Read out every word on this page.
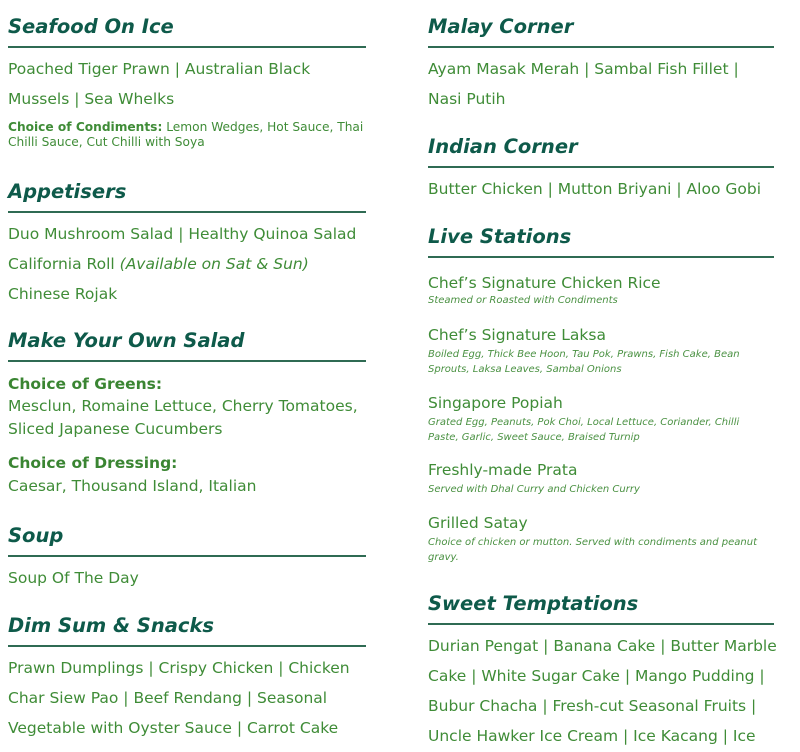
Seafood On Ice
Poached Tiger Prawn | Australian Black
Mussels | Sea Whelks
Choice of Condiments: Lemon Wedges, Hot Sauce, Thai
Chilli Sauce, Cut Chilli with Soya
Appetisers
Duo Mushroom Salad | Healthy Quinoa Salad
California Roll (Available on Sat & Sun)
Chinese Rojak
Make Your Own Salad
Choice of Greens:
Mesclun, Romaine Lettuce, Cherry Tomatoes,
Sliced Japanese Cucumbers
Choice of Dressing:
Caesar, Thousand Island, Italian
Soup
Soup Of The Day
Dim Sum & Snacks
Prawn Dumplings | Crispy Chicken | Chicken
Char Siew Pao | Beef Rendang | Seasonal
Vegetable with Oyster Sauce | Carrot Cake
Malay Corner
Ayam Masak Merah | Sambal Fish Fillet |
Nasi Putih
Indian Corner
Butter Chicken | Mutton Briyani | Aloo Gobi
Live Stations
Chef’s Signature Chicken Rice
Steamed or Roasted with Condiments
Chef’s Signature Laksa
Boiled Egg, Thick Bee Hoon, Tau Pok, Prawns, Fish Cake, Bean
Sprouts, Laksa Leaves, Sambal Onions
Singapore Popiah
Grated Egg, Peanuts, Pok Choi, Local Lettuce, Coriander, Chilli
Paste, Garlic, Sweet Sauce, Braised Turnip
Freshly-made Prata
Served with Dhal Curry and Chicken Curry
Grilled Satay
Choice of chicken or mutton. Served with condiments and peanut
gravy.
Sweet Temptations
Durian Pengat | Banana Cake | Butter Marble
Cake | White Sugar Cake | Mango Pudding |
Bubur Chacha | Fresh-cut Seasonal Fruits |
Uncle Hawker Ice Cream | Ice Kacang | Ice
